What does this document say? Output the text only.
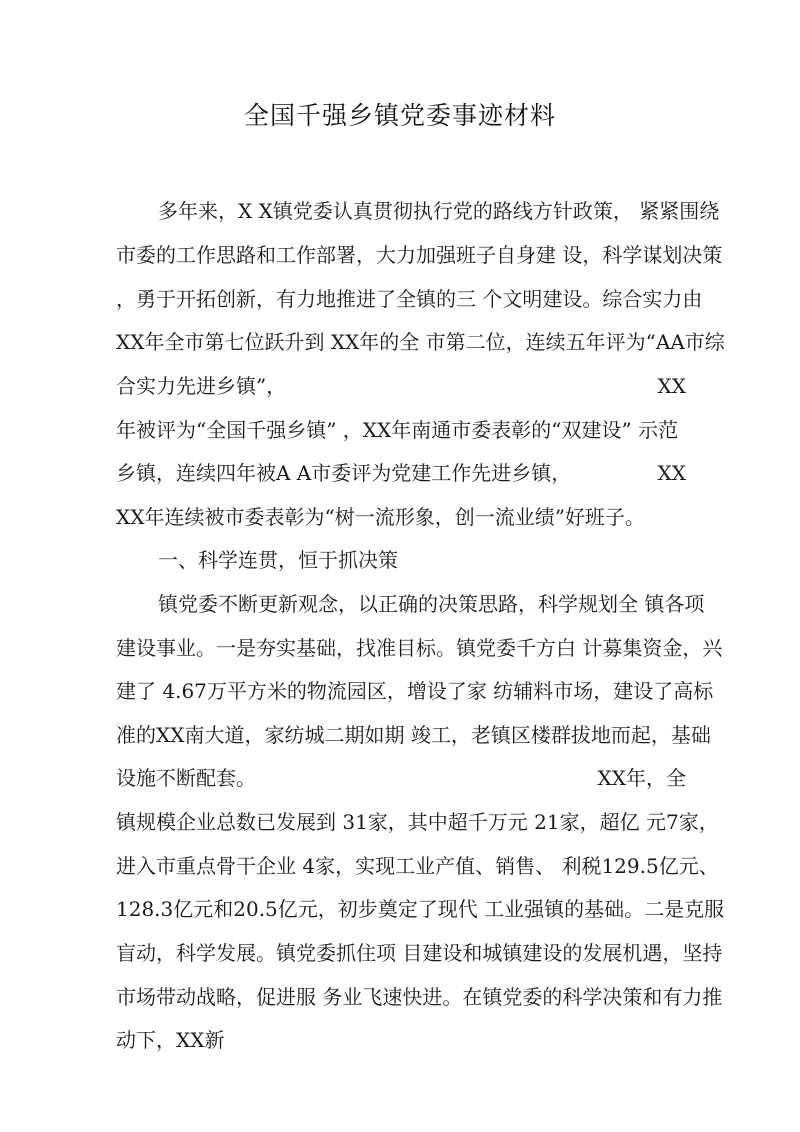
全国千强乡镇党委事迹材料
多年来，X X镇党委认真贯彻执行党的路线方针政策， 紧紧围绕
市委的工作思路和工作部署，大力加强班子自身建 设，科学谋划决策
，勇于开拓创新，有力地推进了全镇的三 个文明建设。综合实力由
XX年全市第七位跃升到 XX年的全 市第二位，连续五年评为“AA市综
合实力先进乡镇”，	XX
年被评为“全国千强乡镇” ，XX年南通市委表彰的“双建设” 示范
乡镇，连续四年被A A市委评为党建工作先进乡镇，	XX
XX年连续被市委表彰为“树一流形象，创一流业绩”好班子。
一、科学连贯，恒于抓决策
镇党委不断更新观念，以正确的决策思路，科学规划全 镇各项
建设事业。一是夯实基础，找准目标。镇党委千方白 计募集资金，兴
建了 4.67万平方米的物流园区，增设了家 纺辅料市场，建设了高标
准的XX南大道，家纺城二期如期 竣工，老镇区楼群拔地而起，基础
设施不断配套。	XX年，全
镇规模企业总数已发展到 31家，其中超千万元 21家，超亿 元7家，
进入市重点骨干企业 4家，实现工业产值、销售、 利税129.5亿元、
128.3亿元和20.5亿元，初步奠定了现代 工业强镇的基础。二是克服
盲动，科学发展。镇党委抓住项 目建设和城镇建设的发展机遇，坚持
市场带动战略，促进服 务业飞速快进。在镇党委的科学决策和有力推
动下，XX新
